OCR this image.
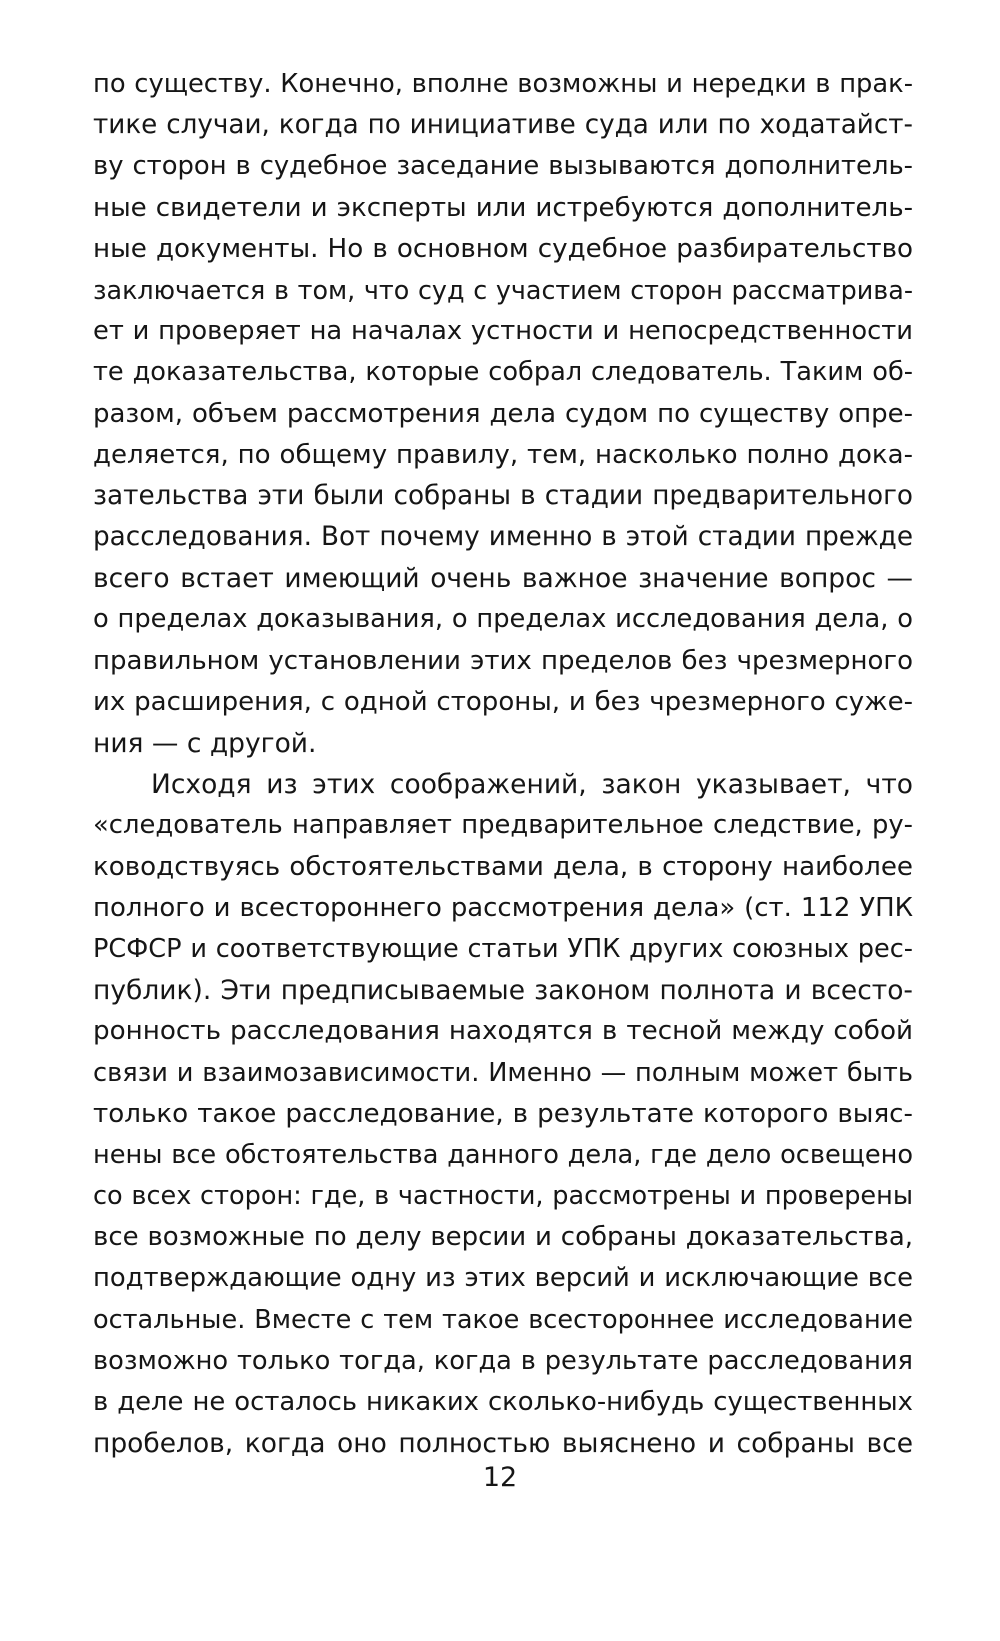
по существу. Конечно, вполне возможны и нередки в прак-
тике случаи, когда по инициативе суда или по ходатайст-
ву сторон в судебное заседание вызываются дополнитель-
ные свидетели и эксперты или истребуются дополнитель-
ные документы. Но в основном судебное разбирательство
заключается в том, что суд с участием сторон рассматрива-
ет и проверяет на началах устности и непосредственности
те доказательства, которые собрал следователь. Таким об-
разом, объем рассмотрения дела судом по существу опре-
деляется, по общему правилу, тем, насколько полно дока-
зательства эти были собраны в стадии предварительного
расследования. Вот почему именно в этой стадии прежде
всего встает имеющий очень важное значение вопрос —
о пределах доказывания, о пределах исследования дела, о
правильном установлении этих пределов без чрезмерного
их расширения, с одной стороны, и без чрезмерного суже-
ния — с другой.
Исходя из этих соображений, закон указывает, что
«следователь направляет предварительное следствие, ру-
ководствуясь обстоятельствами дела, в сторону наиболее
полного и всестороннего рассмотрения дела» (ст. 112 УПК
РСФСР и соответствующие статьи УПК других союзных рес-
публик). Эти предписываемые законом полнота и всесто-
ронность расследования находятся в тесной между собой
связи и взаимозависимости. Именно — полным может быть
только такое расследование, в результате которого выяс-
нены все обстоятельства данного дела, где дело освещено
со всех сторон: где, в частности, рассмотрены и проверены
все возможные по делу версии и собраны доказательства,
подтверждающие одну из этих версий и исключающие все
остальные. Вместе с тем такое всестороннее исследование
возможно только тогда, когда в результате расследования
в деле не осталось никаких сколько-нибудь существенных
пробелов, когда оно полностью выяснено и собраны все
12
